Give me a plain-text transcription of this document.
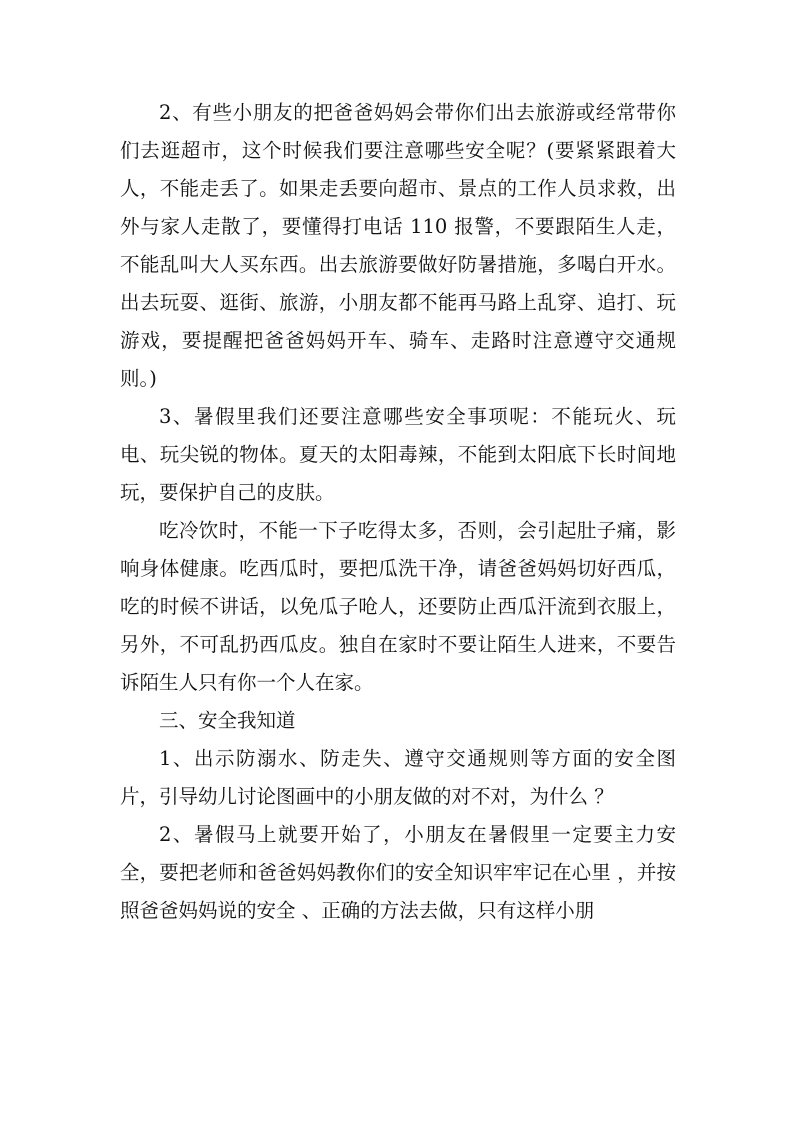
2、有些小朋友的把爸爸妈妈会带你们出去旅游或经常带你们去逛超市，这个时候我们要注意哪些安全呢？(要紧紧跟着大人，不能走丢了。如果走丢要向超市、景点的工作人员求救，出外与家人走散了，要懂得打电话 110 报警，不要跟陌生人走，不能乱叫大人买东西。出去旅游要做好防暑措施，多喝白开水。出去玩耍、逛街、旅游，小朋友都不能再马路上乱穿、追打、玩游戏，要提醒把爸爸妈妈开车、骑车、走路时注意遵守交通规则。)

3、暑假里我们还要注意哪些安全事项呢：不能玩火、玩电、玩尖锐的物体。夏天的太阳毒辣，不能到太阳底下长时间地玩，要保护自己的皮肤。

吃冷饮时，不能一下子吃得太多，否则，会引起肚子痛，影响身体健康。吃西瓜时，要把瓜洗干净，请爸爸妈妈切好西瓜，吃的时候不讲话，以免瓜子呛人，还要防止西瓜汗流到衣服上，另外，不可乱扔西瓜皮。独自在家时不要让陌生人进来，不要告诉陌生人只有你一个人在家。

三、安全我知道

1、出示防溺水、防走失、遵守交通规则等方面的安全图片，引导幼儿讨论图画中的小朋友做的对不对，为什么 ？

2、暑假马上就要开始了，小朋友在暑假里一定要主力安全，要把老师和爸爸妈妈教你们的安全知识牢牢记在心里 ，并按照爸爸妈妈说的安全 、正确的方法去做，只有这样小朋
